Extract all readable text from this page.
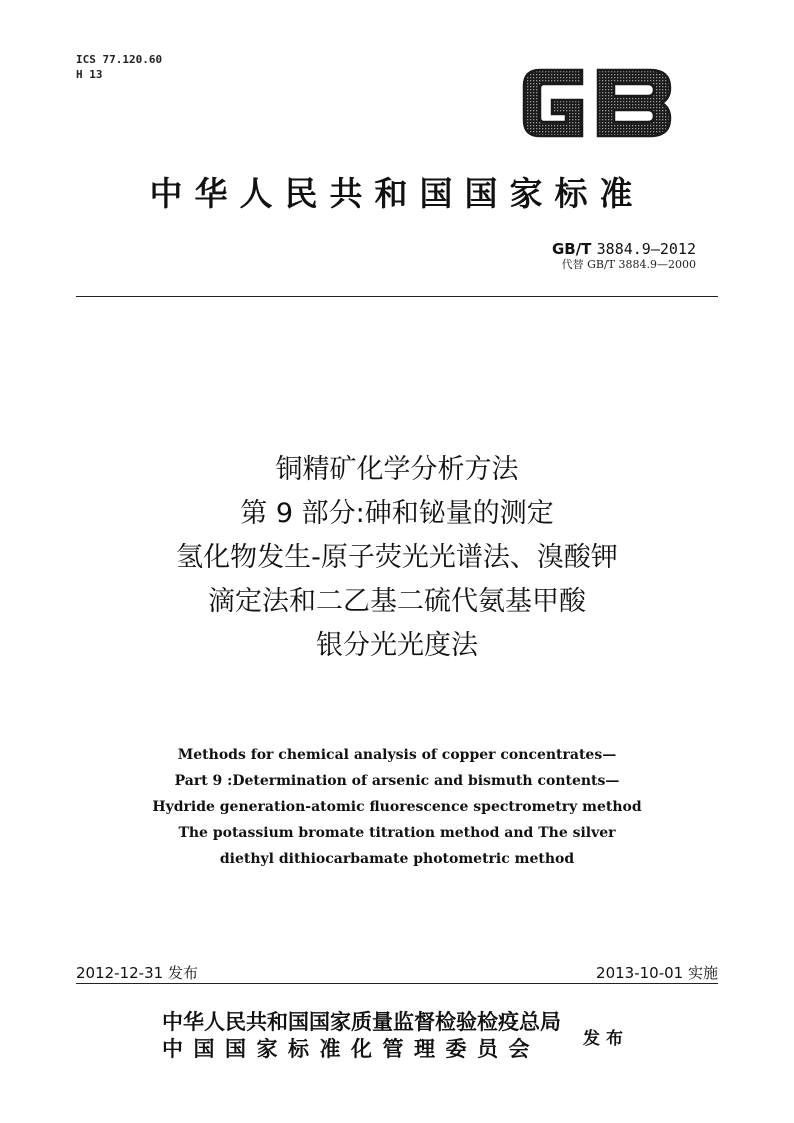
ICS 77.120.60
H 13
中华人民共和国国家标准
GB/T 3884.9—2012
代替 GB/T 3884.9—2000
铜精矿化学分析方法
第 9 部分:砷和铋量的测定
氢化物发生-原子荧光光谱法、溴酸钾
滴定法和二乙基二硫代氨基甲酸
银分光光度法
Methods for chemical analysis of copper concentrates—
Part 9 :Determination of arsenic and bismuth contents—
Hydride generation-atomic fluorescence spectrometry method
The potassium bromate titration method and The silver
diethyl dithiocarbamate photometric method
2012-12-31 发布	2013-10-01 实施
中华人民共和国国家质量监督检验检疫总局
中国国家标准化管理委员会	发布
